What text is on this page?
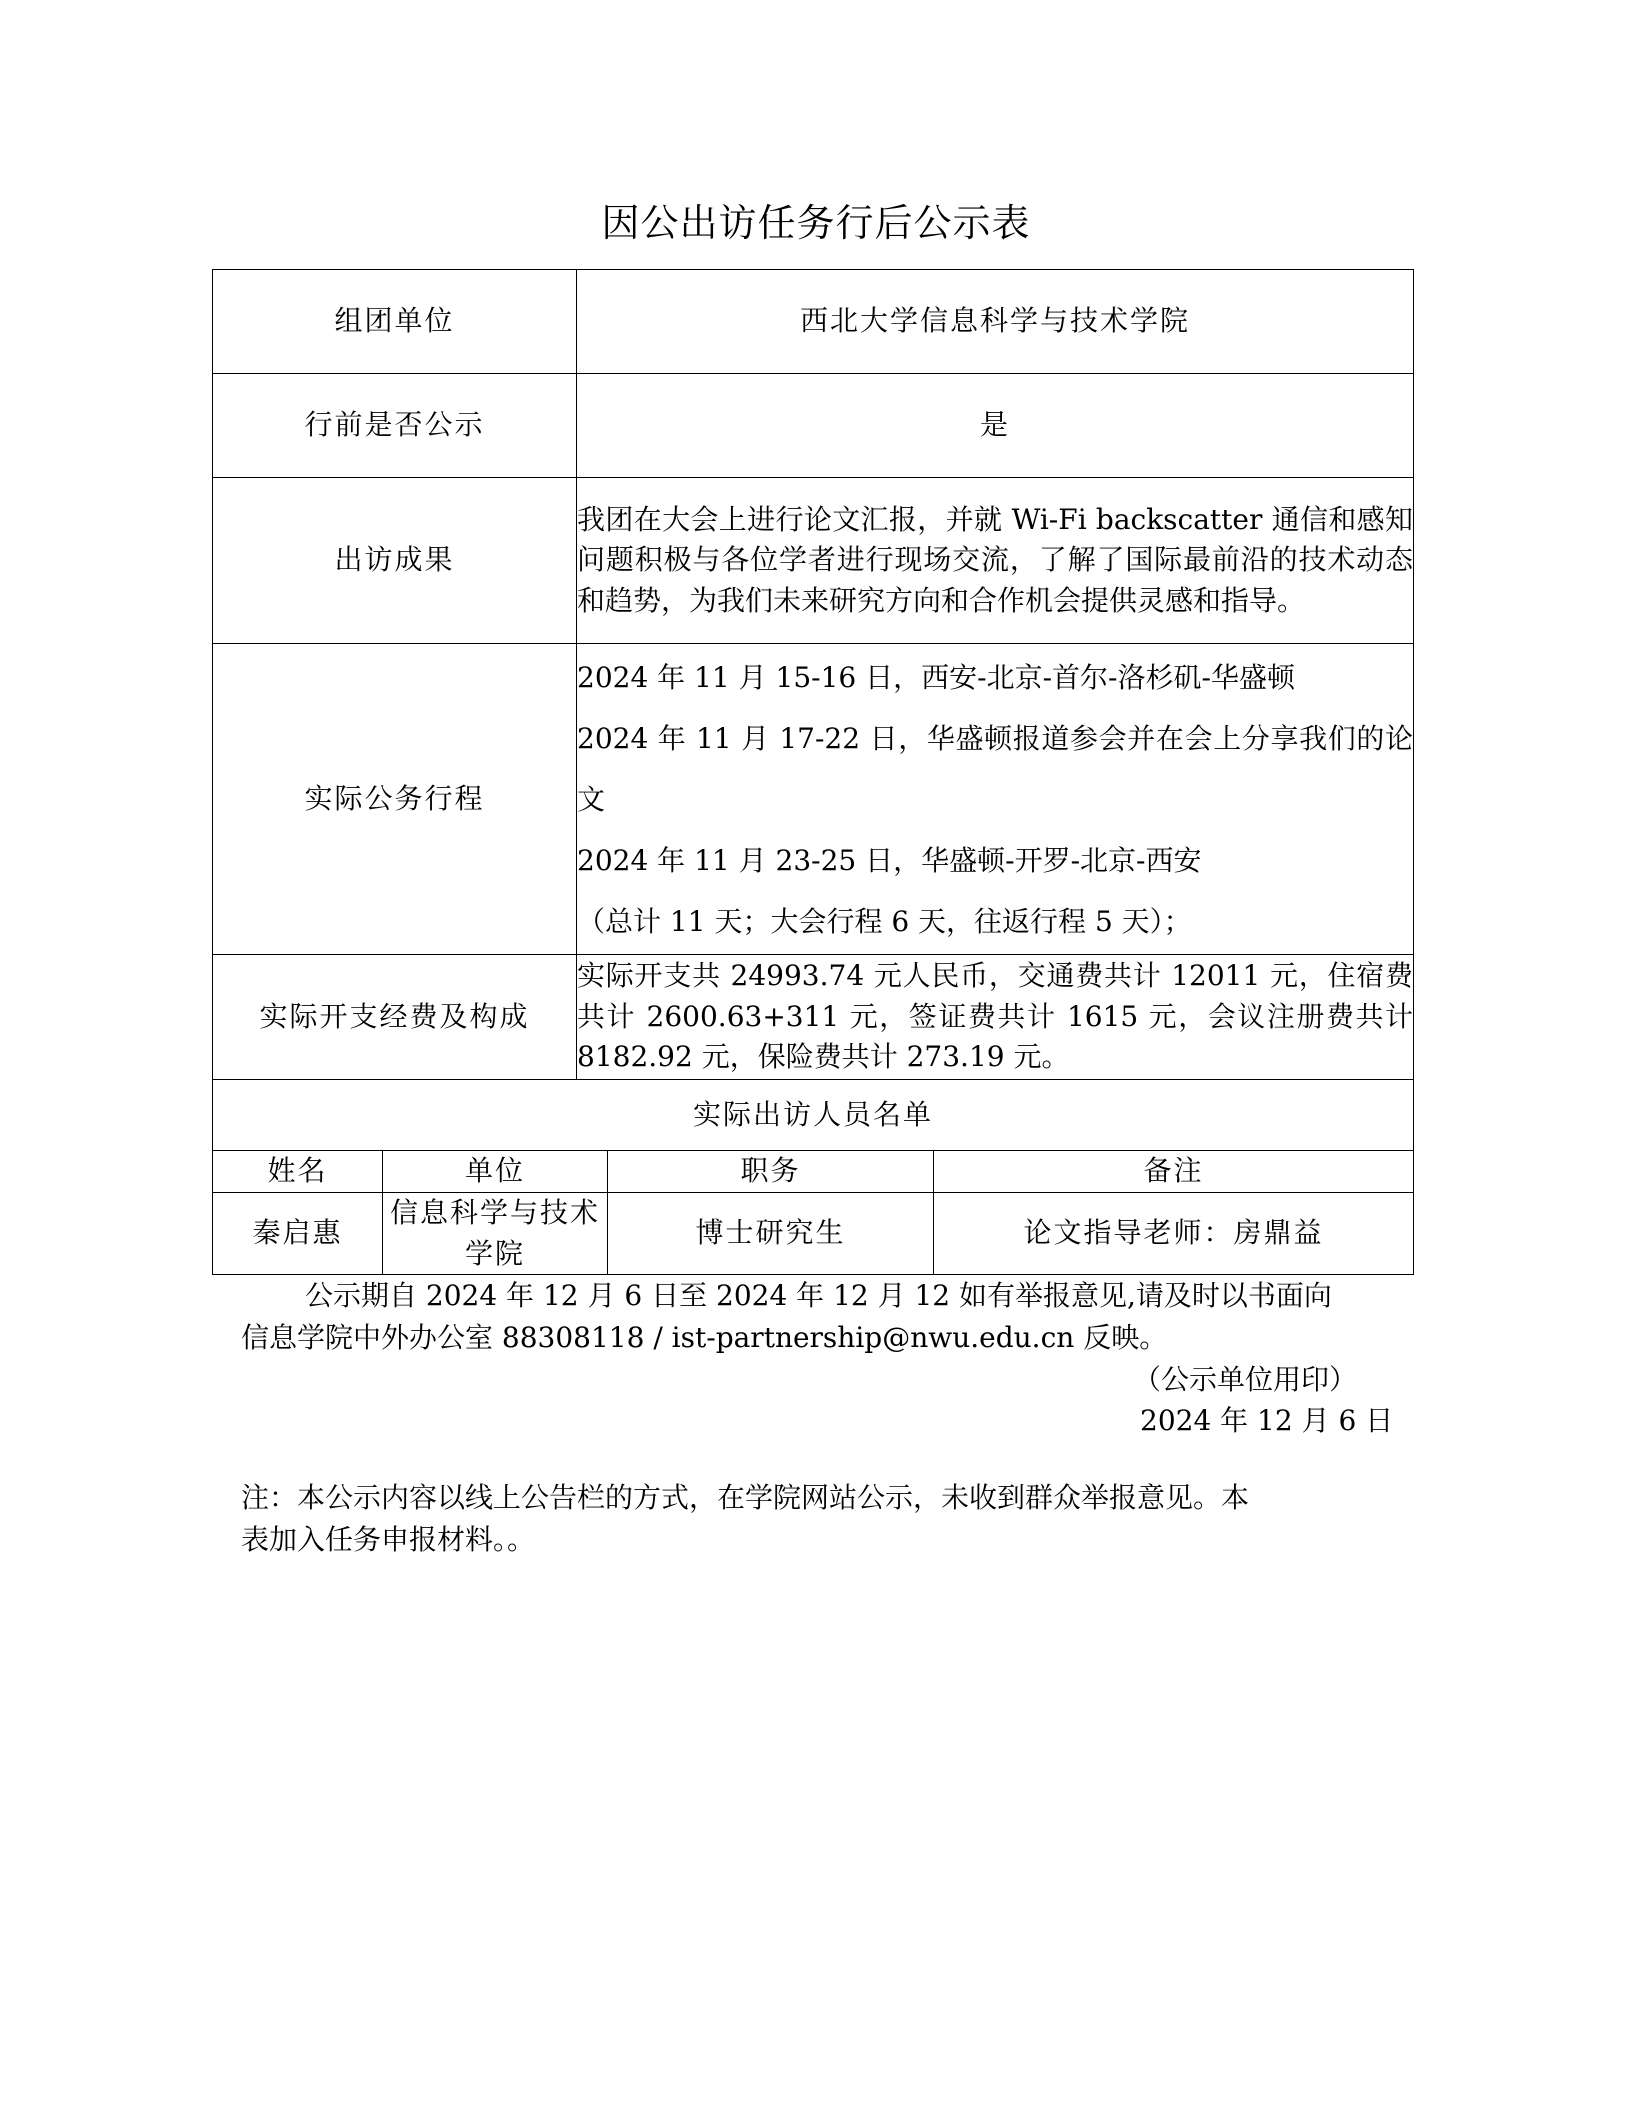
因公出访任务行后公示表
组团单位		西北大学信息科学与技术学院		
行前是否公示		是		
出访成果		我团在大会上进行论文汇报，并就 Wi-Fi backscatter 通信和感知问题积极与各位学者进行现场交流，了解了国际最前沿的技术动态和趋势，为我们未来研究方向和合作机会提供灵感和指导。		
实际公务行程		2024 年 11 月 15-16 日，西安-北京-首尔-洛杉矶-华盛顿
2024 年 11 月 17-22 日，华盛顿报道参会并在会上分享我们的论文
2024 年 11 月 23-25 日，华盛顿-开罗-北京-西安
（总计 11 天；大会行程 6 天，往返行程 5 天）；		

实际开支经费及构成		实际开支共 24993.74 元人民币，交通费共计 12011 元，住宿费共计 2600.63+311 元，签证费共计 1615 元，会议注册费共计 8182.92 元，保险费共计 273.19 元。		
实际出访人员名单				
姓名	单位		职务	备注
秦启惠	信息科学与技术学院		博士研究生	论文指导老师：房鼎益
公示期自 2024 年 12 月 6 日至 2024 年 12 月 12 如有举报意见,请及时以书面向
信息学院中外办公室 88308118 / ist-partnership@nwu.edu.cn 反映。
（公示单位用印）
2024 年 12 月 6 日
注：本公示内容以线上公告栏的方式，在学院网站公示，未收到群众举报意见。本
表加入任务申报材料。。
